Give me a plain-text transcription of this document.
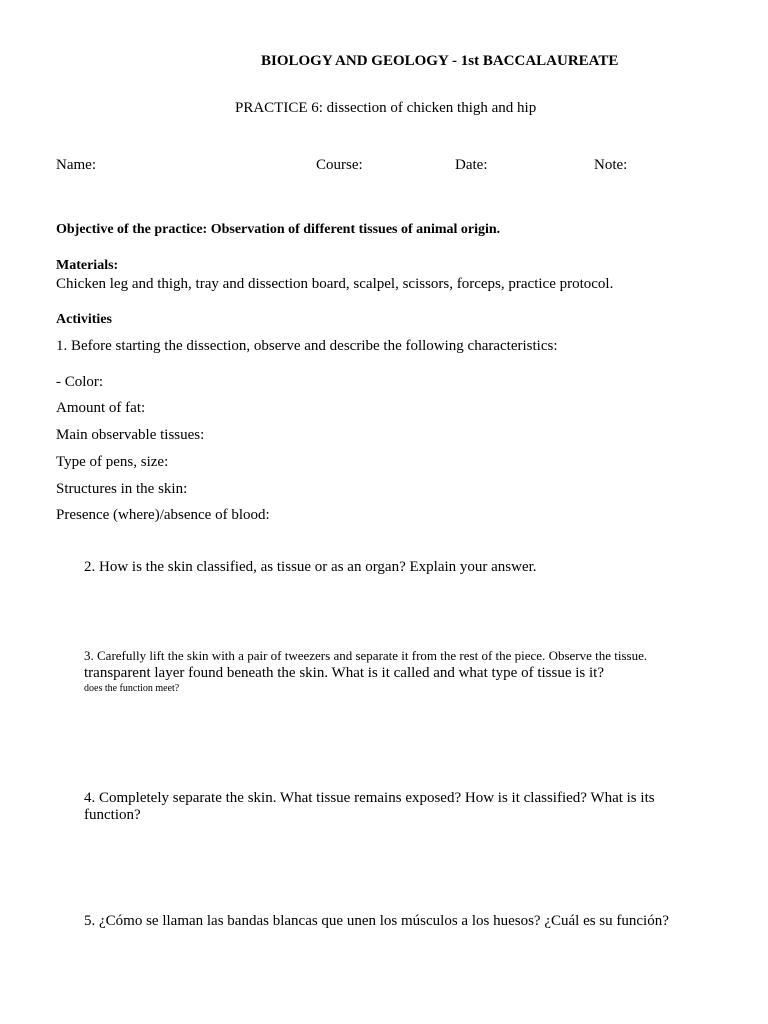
BIOLOGY AND GEOLOGY - 1st BACCALAUREATE
PRACTICE 6: dissection of chicken thigh and hip
Name:	Course:	Date:	Note:
Objective of the practice: Observation of different tissues of animal origin.
Materials:
Chicken leg and thigh, tray and dissection board, scalpel, scissors, forceps, practice protocol.
Activities
1. Before starting the dissection, observe and describe the following characteristics:
- Color:
Amount of fat:
Main observable tissues:
Type of pens, size:
Structures in the skin:
Presence (where)/absence of blood:
2. How is the skin classified, as tissue or as an organ? Explain your answer.
3. Carefully lift the skin with a pair of tweezers and separate it from the rest of the piece. Observe the tissue.
transparent layer found beneath the skin. What is it called and what type of tissue is it?
does the function meet?
4. Completely separate the skin. What tissue remains exposed? How is it classified? What is its
function?
5. ¿Cómo se llaman las bandas blancas que unen los músculos a los huesos? ¿Cuál es su función?
